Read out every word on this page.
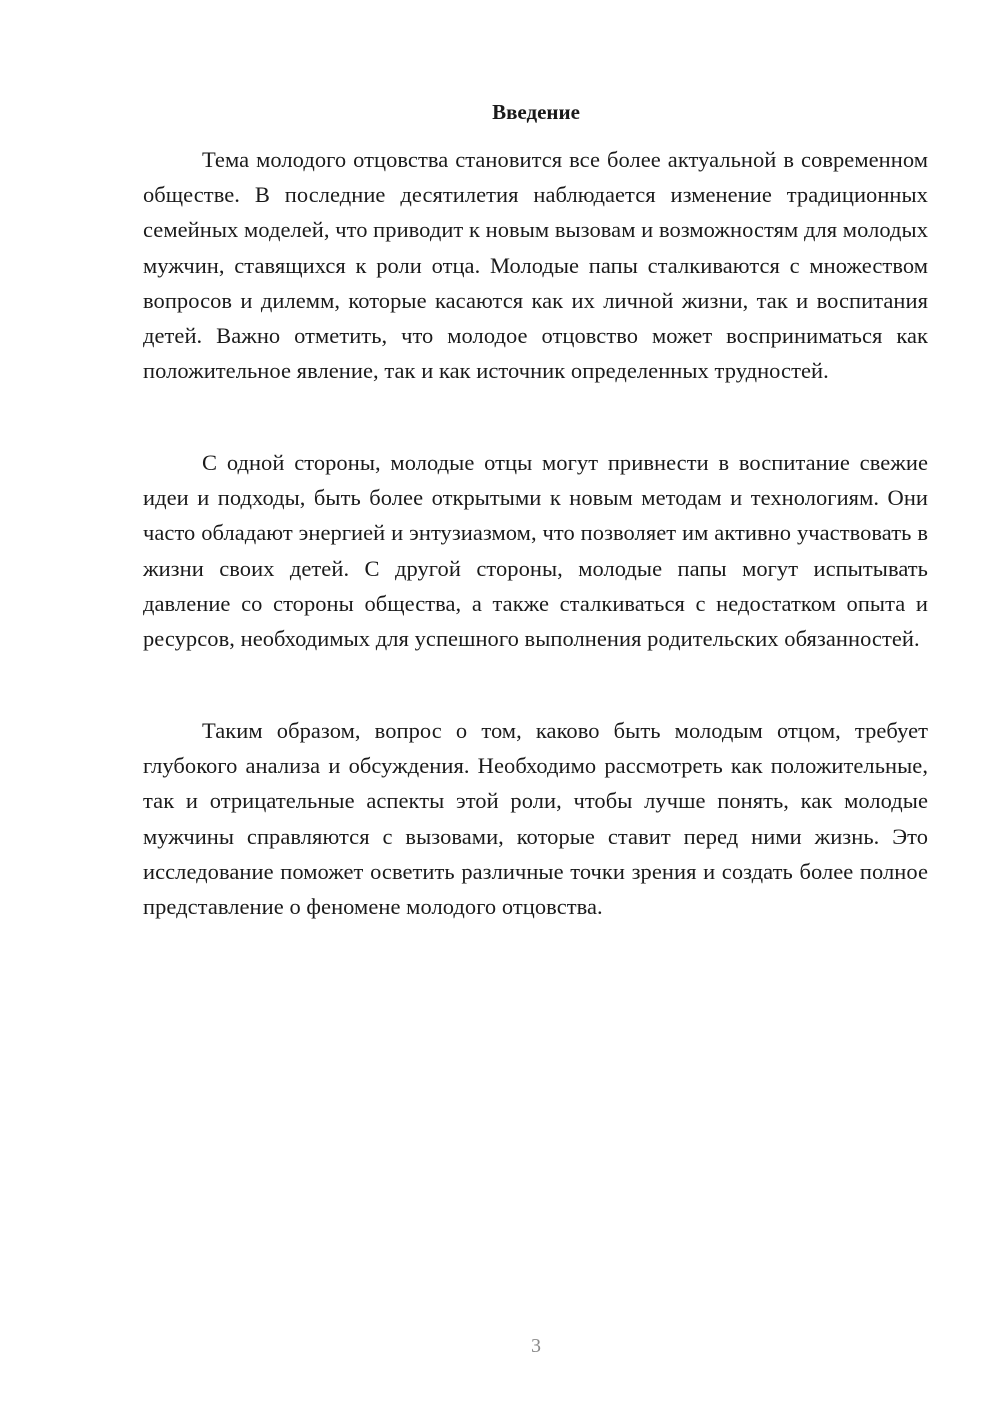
Введение

Тема молодого отцовства становится все более актуальной в современном обществе. В последние десятилетия наблюдается изменение традиционных семейных моделей, что приводит к новым вызовам и возможностям для молодых мужчин, ставящихся к роли отца. Молодые папы сталкиваются с множеством вопросов и дилемм, которые касаются как их личной жизни, так и воспитания детей. Важно отметить, что молодое отцовство может восприниматься как положительное явление, так и как источник определенных трудностей.

С одной стороны, молодые отцы могут привнести в воспитание свежие идеи и подходы, быть более открытыми к новым методам и технологиям. Они часто обладают энергией и энтузиазмом, что позволяет им активно участвовать в жизни своих детей. С другой стороны, молодые папы могут испытывать давление со стороны общества, а также сталкиваться с недостатком опыта и ресурсов, необходимых для успешного выполнения родительских обязанностей.

Таким образом, вопрос о том, каково быть молодым отцом, требует глубокого анализа и обсуждения. Необходимо рассмотреть как положительные, так и отрицательные аспекты этой роли, чтобы лучше понять, как молодые мужчины справляются с вызовами, которые ставит перед ними жизнь. Это исследование поможет осветить различные точки зрения и создать более полное представление о феномене молодого отцовства.

3
